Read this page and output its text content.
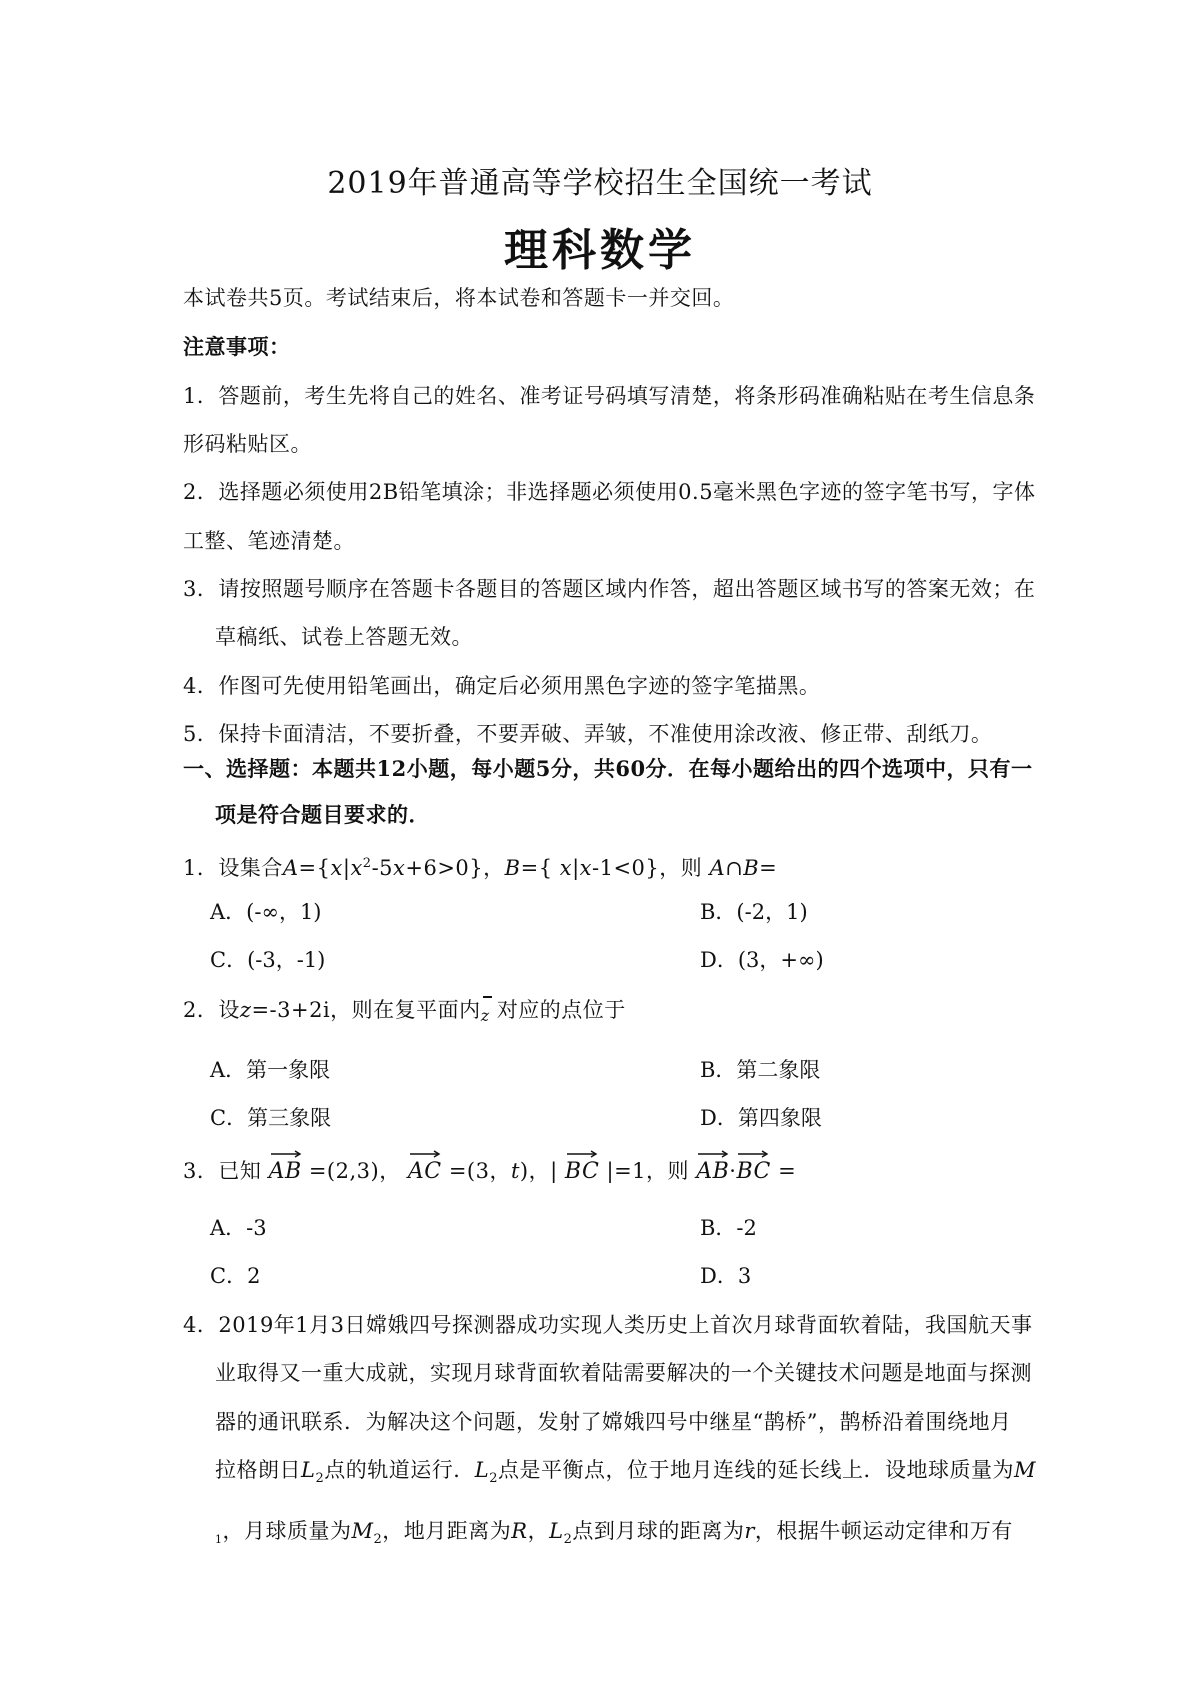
2019年普通高等学校招生全国统一考试
理科数学
本试卷共5页。考试结束后，将本试卷和答题卡一并交回。
注意事项：
1．答题前，考生先将自己的姓名、准考证号码填写清楚，将条形码准确粘贴在考生信息条
形码粘贴区。
2．选择题必须使用2B铅笔填涂；非选择题必须使用0.5毫米黑色字迹的签字笔书写，字体
工整、笔迹清楚。
3．请按照题号顺序在答题卡各题目的答题区域内作答，超出答题区域书写的答案无效；在
草稿纸、试卷上答题无效。
4．作图可先使用铅笔画出，确定后必须用黑色字迹的签字笔描黑。
5．保持卡面清洁，不要折叠，不要弄破、弄皱，不准使用涂改液、修正带、刮纸刀。
一、选择题：本题共12小题，每小题5分，共60分．在每小题给出的四个选项中，只有一
项是符合题目要求的．
1．设集合$A=\{x|x^2-5x+6>0\}$，B={ x|x-1<0}，则 A∩B=
A．(-∞，1)	B．(-2，1)
C．(-3，-1)	D．(3，+∞)
2．设z=-3+2i，则在复平面内
z 对应的点位于
A．第一象限	B．第二象限
C．第三象限	D．第四象限
3．已知 AB =(2,3)， AC =(3，t)，| BC |=1，则 AB·
BC =
A．-3	B．-2
C．2	D．3
4．2019年1月3日嫦娥四号探测器成功实现人类历史上首次月球背面软着陆，我国航天事
业取得又一重大成就，实现月球背面软着陆需要解决的一个关键技术问题是地面与探测
器的通讯联系．为解决这个问题，发射了嫦娥四号中继星“鹊桥”，鹊桥沿着围绕地月
拉格朗日$L_2$点的轨道运行．$L_2$点是平衡点，位于地月连线的延长线上．设地球质量为M
$_1$，月球质量为$M_2$，地月距离为R，$L_2$点到月球的距离为r，根据牛顿运动定律和万有
